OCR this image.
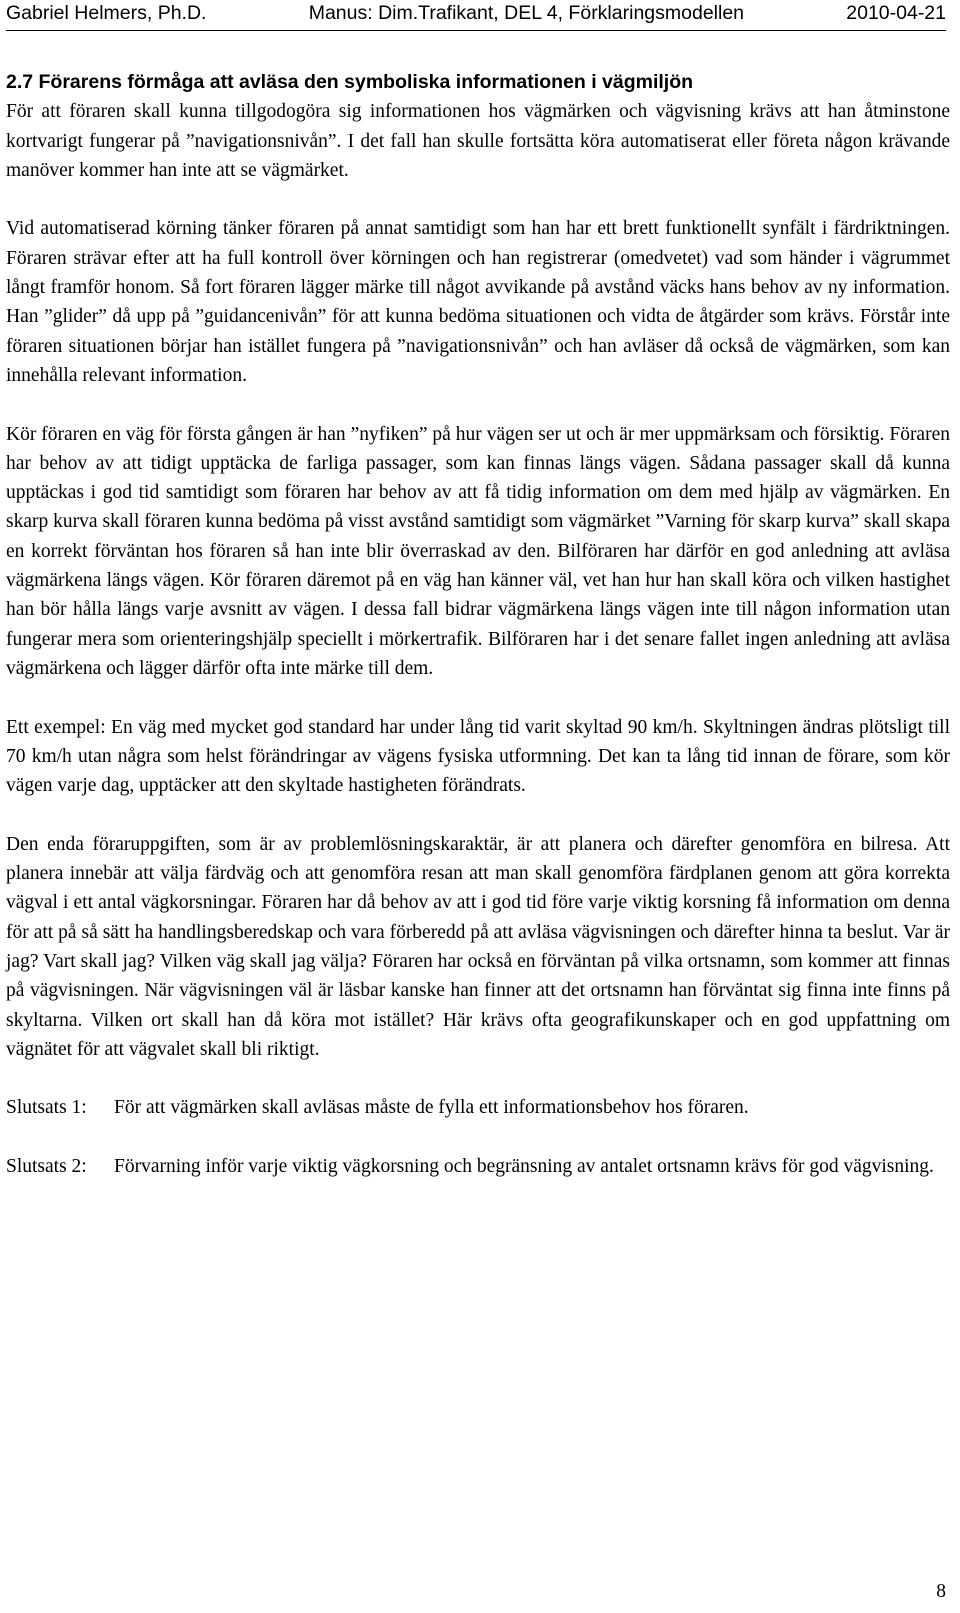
Gabriel Helmers, Ph.D.	Manus: Dim.Trafikant, DEL 4, Förklaringsmodellen	2010-04-21
2.7 Förarens förmåga att avläsa den symboliska informationen i vägmiljön

För att föraren skall kunna tillgodogöra sig informationen hos vägmärken och vägvisning krävs att han åtminstone kortvarigt fungerar på ”navigationsnivån”. I det fall han skulle fortsätta köra automatiserat eller företa någon krävande manöver kommer han inte att se vägmärket.

Vid automatiserad körning tänker föraren på annat samtidigt som han har ett brett funktionellt synfält i färdriktningen. Föraren strävar efter att ha full kontroll över körningen och han registrerar (omedvetet) vad som händer i vägrummet långt framför honom. Så fort föraren lägger märke till något avvikande på avstånd väcks hans behov av ny information. Han ”glider” då upp på ”guidancenivån” för att kunna bedöma situationen och vidta de åtgärder som krävs. Förstår inte föraren situationen börjar han istället fungera på ”navigationsnivån” och han avläser då också de vägmärken, som kan innehålla relevant information.

Kör föraren en väg för första gången är han ”nyfiken” på hur vägen ser ut och är mer uppmärksam och försiktig. Föraren har behov av att tidigt upptäcka de farliga passager, som kan finnas längs vägen. Sådana passager skall då kunna upptäckas i god tid samtidigt som föraren har behov av att få tidig information om dem med hjälp av vägmärken. En skarp kurva skall föraren kunna bedöma på visst avstånd samtidigt som vägmärket ”Varning för skarp kurva” skall skapa en korrekt förväntan hos föraren så han inte blir överraskad av den. Bilföraren har därför en god anledning att avläsa vägmärkena längs vägen. Kör föraren däremot på en väg han känner väl, vet han hur han skall köra och vilken hastighet han bör hålla längs varje avsnitt av vägen. I dessa fall bidrar vägmärkena längs vägen inte till någon information utan fungerar mera som orienteringshjälp speciellt i mörkertrafik. Bilföraren har i det senare fallet ingen anledning att avläsa vägmärkena och lägger därför ofta inte märke till dem.

Ett exempel: En väg med mycket god standard har under lång tid varit skyltad 90 km/h. Skyltningen ändras plötsligt till 70 km/h utan några som helst förändringar av vägens fysiska utformning. Det kan ta lång tid innan de förare, som kör vägen varje dag, upptäcker att den skyltade hastigheten förändrats.

Den enda föraruppgiften, som är av problemlösningskaraktär, är att planera och därefter genomföra en bilresa. Att planera innebär att välja färdväg och att genomföra resan att man skall genomföra färdplanen genom att göra korrekta vägval i ett antal vägkorsningar. Föraren har då behov av att i god tid före varje viktig korsning få information om denna för att på så sätt ha handlingsberedskap och vara förberedd på att avläsa vägvisningen och därefter hinna ta beslut. Var är jag? Vart skall jag? Vilken väg skall jag välja? Föraren har också en förväntan på vilka ortsnamn, som kommer att finnas på vägvisningen. När vägvisningen väl är läsbar kanske han finner att det ortsnamn han förväntat sig finna inte finns på skyltarna. Vilken ort skall han då köra mot istället? Här krävs ofta geografikunskaper och en god uppfattning om vägnätet för att vägvalet skall bli riktigt.

Slutsats 1:	För att vägmärken skall avläsas måste de fylla ett informationsbehov hos föraren.
Slutsats 2:	Förvarning inför varje viktig vägkorsning och begränsning av antalet ortsnamn krävs för god vägvisning.
8
